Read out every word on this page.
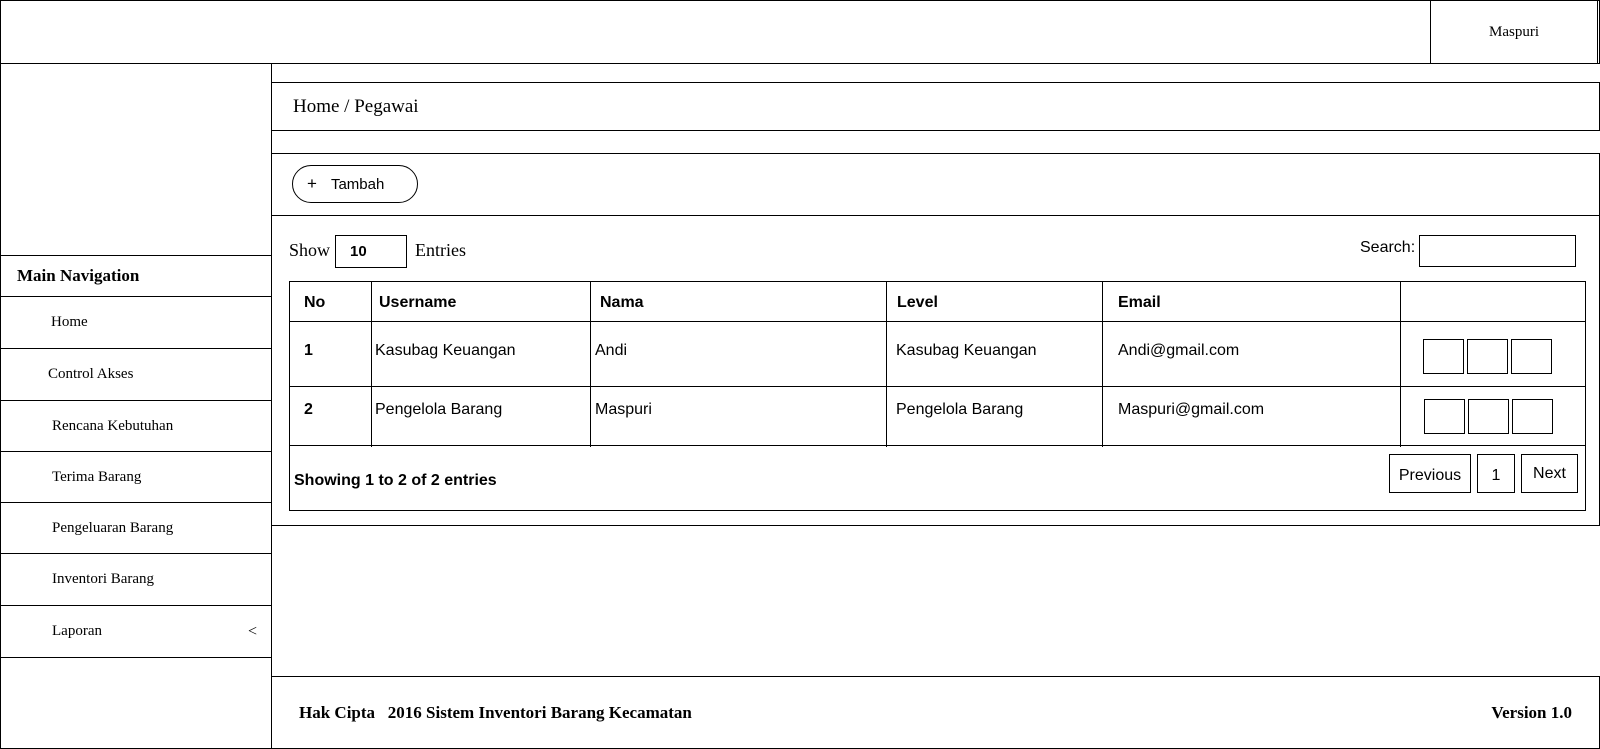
Maspuri
Main Navigation
Home
Control Akses
Rencana Kebutuhan
Terima Barang
Pengeluaran Barang
Inventori Barang
Laporan	<
Home / Pegawai
+ Tambah
Show 10	Entries	Search:
No	Username	Nama	Level	Email
1	Kasubag Keuangan	Andi	Kasubag Keuangan	Andi@gmail.com
2	Pengelola Barang	Maspuri	Pengelola Barang	Maspuri@gmail.com
Showing 1 to 2 of 2 entries	Previous 1 Next
Hak Cipta   2016 Sistem Inventori Barang Kecamatan	Version 1.0
